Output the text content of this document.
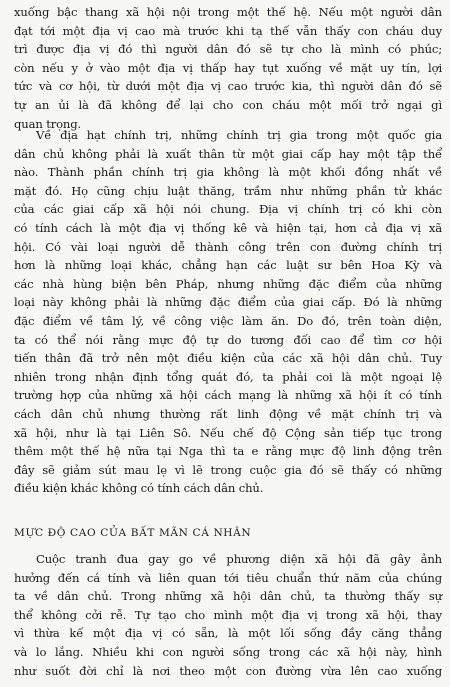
xuống bậc thang xã hội nội trong một thế hệ. Nếu một người dân
đạt tới một địa vị cao mà trước khi tạ thế vẫn thấy con cháu duy
trì được địa vị đó thì người dân đó sẽ tự cho là mình có phúc;
còn nếu y ở vào một địa vị thấp hay tụt xuống về mặt uy tín, lợi
tức và cơ hội, từ dưới một địa vị cao trước kia, thì người dân đó sẽ
tự an ủi là đã không để lại cho con cháu một mối trở ngại gì
quan trọng.
Về địa hạt chính trị, những chính trị gia trong một quốc gia
dân chủ không phải là xuất thân từ một giai cấp hay một tập thể
nào. Thành phần chính trị gia không là một khối đồng nhất về
mặt đó. Họ cũng chịu luật thăng, trầm như những phần tử khác
của các giai cấp xã hội nói chung. Địa vị chính trị có khi còn
có tính cách là một địa vị thống kê và hiện tại, hơn cả địa vị xã
hội. Có vài loại người dễ thành công trên con đường chính trị
hơn là những loại khác, chẳng hạn các luật sư bên Hoa Kỳ và
các nhà hùng biện bên Pháp, nhưng những đặc điểm của những
loại này không phải là những đặc điểm của giai cấp. Đó là những
đặc điểm về tâm lý, về công việc làm ăn. Do đó, trên toàn diện,
ta có thể nói rằng mực độ tự do tương đối cao để tìm cơ hội
tiến thân đã trở nên một điều kiện của các xã hội dân chủ. Tuy
nhiên trong nhận định tổng quát đó, ta phải coi là một ngoại lệ
trường hợp của những xã hội cách mạng là những xã hội ít có tính
cách dân chủ nhưng thường rất linh động về mặt chính trị và
xã hội, như là tại Liên Sô. Nếu chế độ Cộng sản tiếp tục trong
thêm một thế hệ nữa tại Nga thì ta e rằng mực độ linh động trên
đây sẽ giảm sút mau lẹ vì lẽ trong cuộc gia đó sẽ thấy có những
điều kiện khác không có tính cách dân chủ.
MỰC ĐỘ CAO CỦA BẤT MÃN CÁ NHÂN
Cuộc tranh đua gay go về phương diện xã hội đã gây ảnh
hưởng đến cá tính và liên quan tới tiêu chuẩn thứ năm của chúng
ta về dân chủ. Trong những xã hội dân chủ, ta thường thấy sự
thể không cởi rễ. Tự tạo cho mình một địa vị trong xã hội, thay
vì thừa kế một địa vị có sẵn, là một lối sống đầy căng thẳng
và lo lắng. Nhiều khi con người sống trong các xã hội này, hình
như suốt đời chỉ là nơi theo một con đường vừa lên cao xuống
